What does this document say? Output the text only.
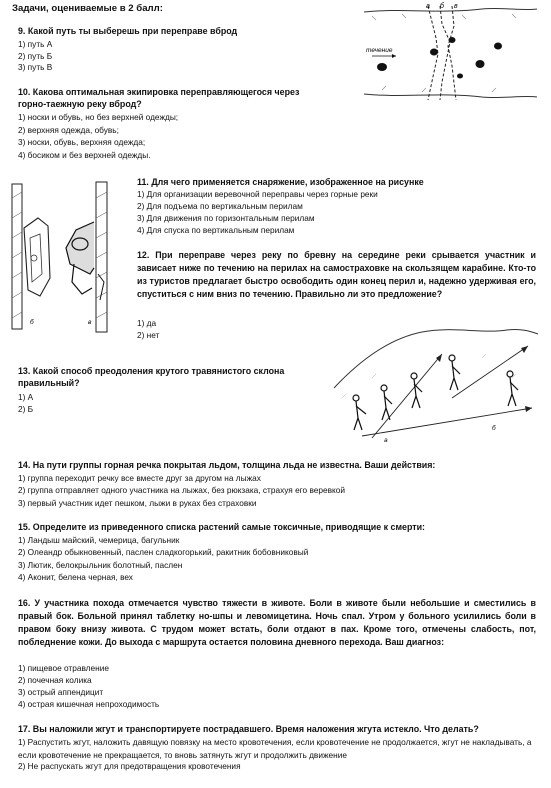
Задачи, оцениваемые в 2 балл:
9. Какой путь ты выберешь при переправе вброд
1) путь А
2) путь Б
3) путь В
течение
а б в
10. Какова оптимальная экипировка переправляющегося через
горно-таежную реку вброд?
1) носки и обувь, но без верхней одежды;
2) верхняя одежда, обувь;
3) носки, обувь, верхняя одежда;
4) босиком и без верхней одежды.
б	в
11. Для чего применяется снаряжение, изображенное на рисунке
1) Для организации веревочной переправы через горные реки
2) Для подъема по вертикальным перилам
3) Для движения по горизонтальным перилам
4) Для спуска по вертикальным перилам
12. При переправе через реку по бревну на середине реки срывается участник и зависает ниже по течению на перилах на самостраховке на скользящем карабине. Кто-то из туристов предлагает быстро освободить один конец перил и, надежно удерживая его, спуститься с ним вниз по течению. Правильно ли это предложение?
1) да
2) нет
13. Какой способ преодоления крутого травянистого склона
правильный?
1) А
2) Б
а
б
14. На пути группы горная речка покрытая льдом, толщина льда не известна. Ваши действия:
1) группа переходит речку все вместе друг за другом на лыжах
2) группа отправляет одного участника на лыжах, без рюкзака, страхуя его веревкой
3) первый участник идет пешком, лыжи в руках без страховки
15. Определите из приведенного списка растений самые токсичные, приводящие к смерти:
1) Ландыш майский, чемерица, багульник
2) Олеандр обыкновенный, паслен сладкогорький, ракитник бобовниковый
3) Лютик, белокрыльник болотный, паслен
4) Аконит, белена черная, вех
16. У участника похода отмечается чувство тяжести в животе. Боли в животе были небольшие и сместились в правый бок. Больной принял таблетку но-шпы и левомицетина. Ночь спал. Утром у больного усилились боли в правом боку внизу живота. С трудом может встать, боли отдают в пах. Кроме того, отмечены слабость, пот, побледнение кожи. До выхода с маршрута остается половина дневного перехода. Ваш диагноз:
1) пищевое отравление
2) почечная колика
3) острый аппендицит
4) острая кишечная непроходимость
17. Вы наложили жгут и транспортируете пострадавшего. Время наложения жгута истекло. Что делать?
1) Распустить жгут, наложить давящую повязку на место кровотечения, если кровотечение не продолжается, жгут не накладывать, а если кровотечение не прекращается, то вновь затянуть жгут и продолжить движение
2) Не распускать жгут для предотвращения кровотечения
